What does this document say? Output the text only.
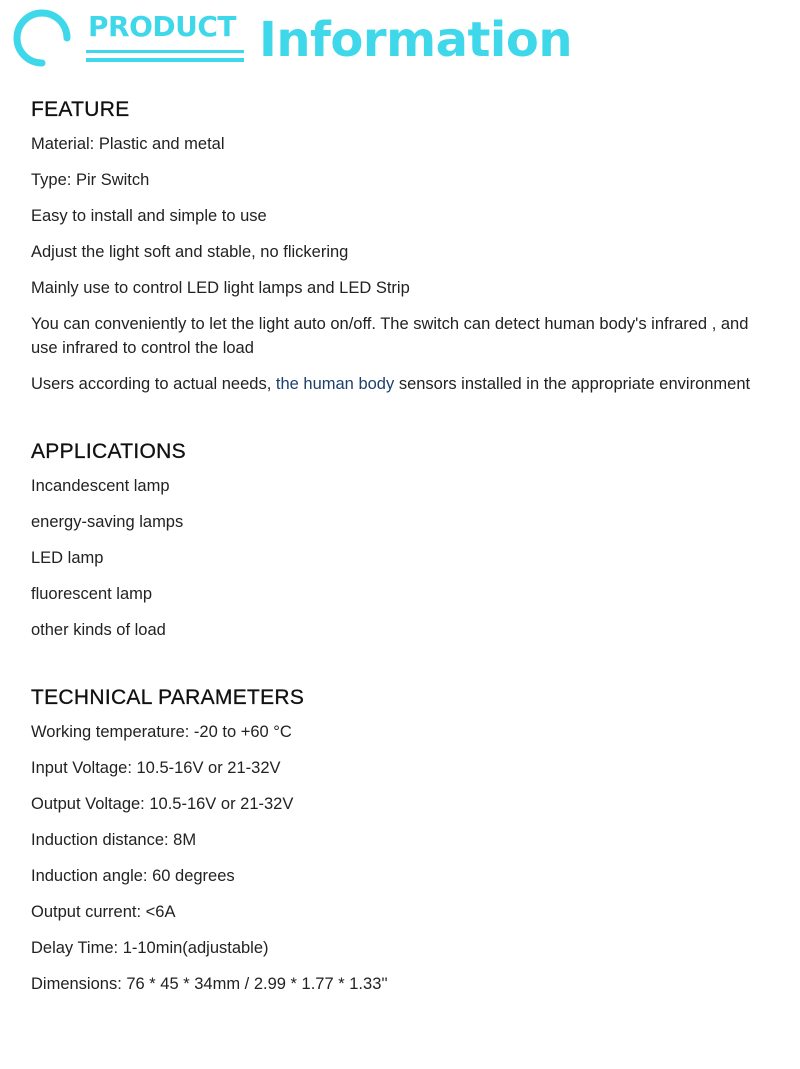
PRODUCT Information
FEATURE

Material: Plastic and metal

Type: Pir Switch

Easy to install and simple to use

Adjust the light soft and stable, no flickering

Mainly use to control LED light lamps and LED Strip

You can conveniently to let the light auto on/off. The switch can detect human body's infrared , and use infrared to control the load

Users according to actual needs, the human body sensors installed in the appropriate environment

APPLICATIONS

Incandescent lamp

energy-saving lamps

LED lamp

fluorescent lamp

other kinds of load

TECHNICAL PARAMETERS

Working temperature: -20 to +60 °C

Input Voltage: 10.5-16V or 21-32V

Output Voltage: 10.5-16V or 21-32V

Induction distance: 8M

Induction angle: 60 degrees

Output current: <6A

Delay Time: 1-10min(adjustable)

Dimensions: 76 * 45 * 34mm / 2.99 * 1.77 * 1.33''
